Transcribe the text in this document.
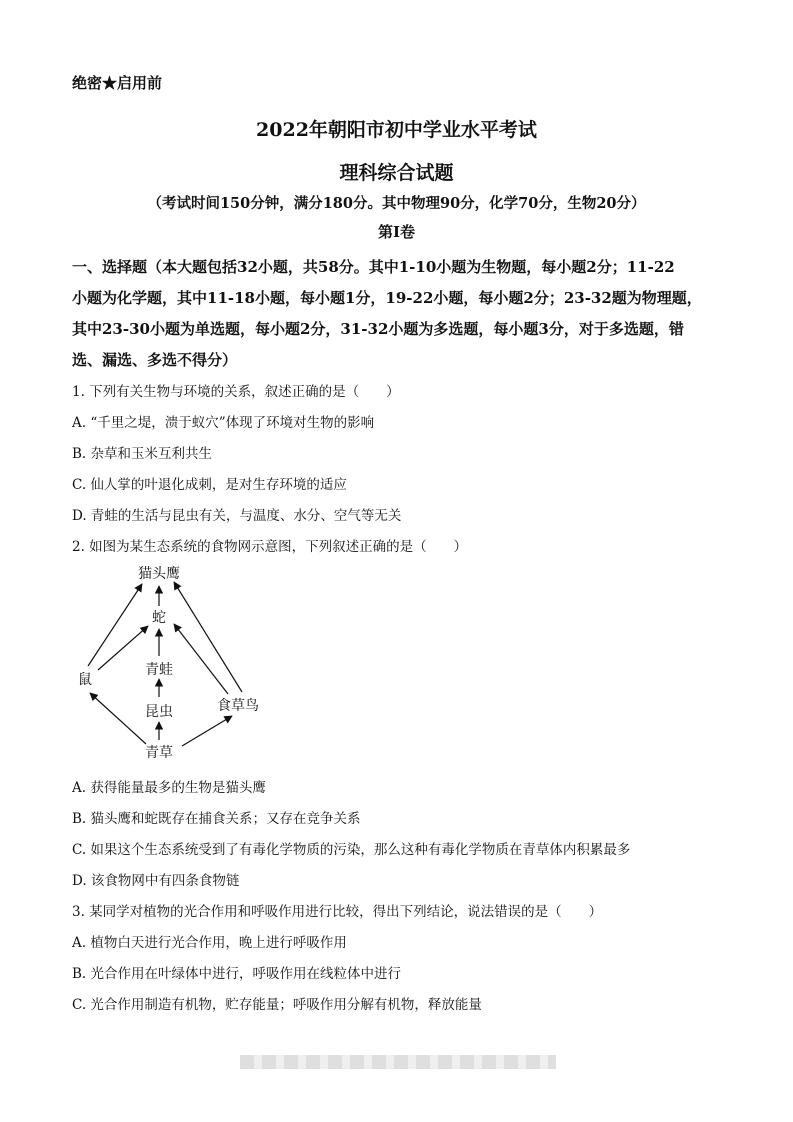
绝密★启用前
2022年朝阳市初中学业水平考试
理科综合试题
（考试时间150分钟，满分180分。其中物理90分，化学70分，生物20分）
第Ⅰ卷
一、选择题（本大题包括32小题，共58分。其中1-10小题为生物题，每小题2分；11-22
小题为化学题，其中11-18小题，每小题1分，19-22小题，每小题2分；23-32题为物理题，
其中23-30小题为单选题，每小题2分，31-32小题为多选题，每小题3分，对于多选题，错
选、漏选、多选不得分）
1. 下列有关生物与环境的关系，叙述正确的是（　　）
A. “千里之堤，溃于蚁穴”体现了环境对生物的影响
B. 杂草和玉米互利共生
C. 仙人掌的叶退化成刺，是对生存环境的适应
D. 青蛙的生活与昆虫有关，与温度、水分、空气等无关
2. 如图为某生态系统的食物网示意图，下列叙述正确的是（　　）
猫头鹰
蛇
青蛙
鼠
昆虫	食草鸟
青草
A. 获得能量最多的生物是猫头鹰
B. 猫头鹰和蛇既存在捕食关系；又存在竞争关系
C. 如果这个生态系统受到了有毒化学物质的污染，那么这种有毒化学物质在青草体内积累最多
D. 该食物网中有四条食物链
3. 某同学对植物的光合作用和呼吸作用进行比较，得出下列结论，说法错误的是（　　）
A. 植物白天进行光合作用，晚上进行呼吸作用
B. 光合作用在叶绿体中进行，呼吸作用在线粒体中进行
C. 光合作用制造有机物，贮存能量；呼吸作用分解有机物，释放能量
